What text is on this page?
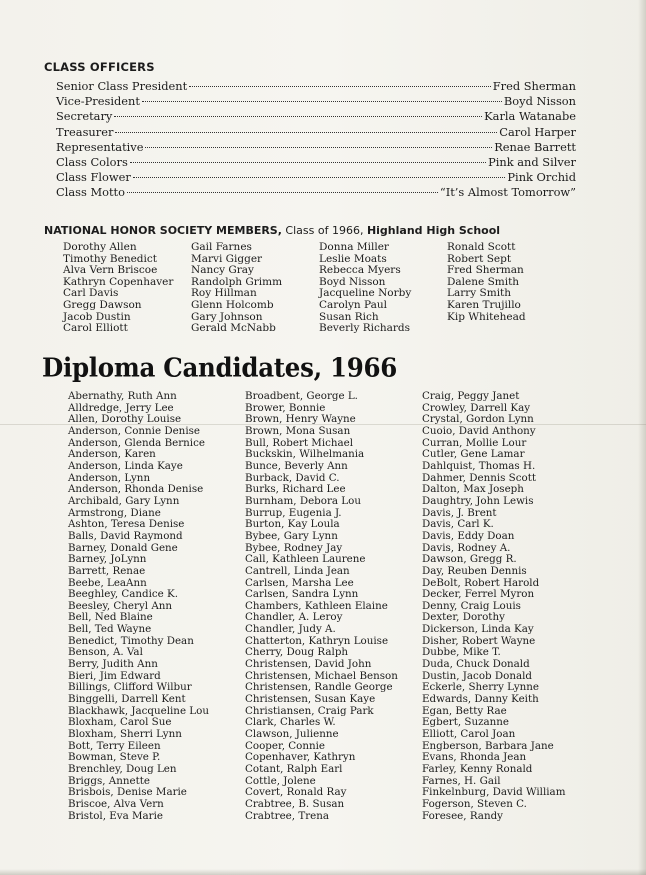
CLASS OFFICERS
Senior Class President	Fred Sherman
Vice-President	Boyd Nisson
Secretary	Karla Watanabe
Treasurer	Carol Harper
Representative	Renae Barrett
Class Colors	Pink and Silver
Class Flower	Pink Orchid
Class Motto	“It’s Almost Tomorrow”
NATIONAL HONOR SOCIETY MEMBERS, Class of 1966, Highland High School
Dorothy Allen
Timothy Benedict
Alva Vern Briscoe
Kathryn Copenhaver
Carl Davis
Gregg Dawson
Jacob Dustin
Carol Elliott
Gail Farnes
Marvi Gigger
Nancy Gray
Randolph Grimm
Roy Hillman
Glenn Holcomb
Gary Johnson
Gerald McNabb
Donna Miller
Leslie Moats
Rebecca Myers
Boyd Nisson
Jacqueline Norby
Carolyn Paul
Susan Rich
Beverly Richards
Ronald Scott
Robert Sept
Fred Sherman
Dalene Smith
Larry Smith
Karen Trujillo
Kip Whitehead
Diploma Candidates, 1966
Abernathy, Ruth Ann
Alldredge, Jerry Lee
Allen, Dorothy Louise
Anderson, Connie Denise
Anderson, Glenda Bernice
Anderson, Karen
Anderson, Linda Kaye
Anderson, Lynn
Anderson, Rhonda Denise
Archibald, Gary Lynn
Armstrong, Diane
Ashton, Teresa Denise
Balls, David Raymond
Barney, Donald Gene
Barney, JoLynn
Barrett, Renae
Beebe, LeaAnn
Beeghley, Candice K.
Beesley, Cheryl Ann
Bell, Ned Blaine
Bell, Ted Wayne
Benedict, Timothy Dean
Benson, A. Val
Berry, Judith Ann
Bieri, Jim Edward
Billings, Clifford Wilbur
Binggelli, Darrell Kent
Blackhawk, Jacqueline Lou
Bloxham, Carol Sue
Bloxham, Sherri Lynn
Bott, Terry Eileen
Bowman, Steve P.
Brenchley, Doug Len
Briggs, Annette
Brisbois, Denise Marie
Briscoe, Alva Vern
Bristol, Eva Marie
Broadbent, George L.
Brower, Bonnie
Brown, Henry Wayne
Brown, Mona Susan
Bull, Robert Michael
Buckskin, Wilhelmania
Bunce, Beverly Ann
Burback, David C.
Burks, Richard Lee
Burnham, Debora Lou
Burrup, Eugenia J.
Burton, Kay Loula
Bybee, Gary Lynn
Bybee, Rodney Jay
Call, Kathleen Laurene
Cantrell, Linda Jean
Carlsen, Marsha Lee
Carlsen, Sandra Lynn
Chambers, Kathleen Elaine
Chandler, A. Leroy
Chandler, Judy A.
Chatterton, Kathryn Louise
Cherry, Doug Ralph
Christensen, David John
Christensen, Michael Benson
Christensen, Randle George
Christensen, Susan Kaye
Christiansen, Craig Park
Clark, Charles W.
Clawson, Julienne
Cooper, Connie
Copenhaver, Kathryn
Cotant, Ralph Earl
Cottle, Jolene
Covert, Ronald Ray
Crabtree, B. Susan
Crabtree, Trena
Craig, Peggy Janet
Crowley, Darrell Kay
Crystal, Gordon Lynn
Cuoio, David Anthony
Curran, Mollie Lour
Cutler, Gene Lamar
Dahlquist, Thomas H.
Dahmer, Dennis Scott
Dalton, Max Joseph
Daughtry, John Lewis
Davis, J. Brent
Davis, Carl K.
Davis, Eddy Doan
Davis, Rodney A.
Dawson, Gregg R.
Day, Reuben Dennis
DeBolt, Robert Harold
Decker, Ferrel Myron
Denny, Craig Louis
Dexter, Dorothy
Dickerson, Linda Kay
Disher, Robert Wayne
Dubbe, Mike T.
Duda, Chuck Donald
Dustin, Jacob Donald
Eckerle, Sherry Lynne
Edwards, Danny Keith
Egan, Betty Rae
Egbert, Suzanne
Elliott, Carol Joan
Engberson, Barbara Jane
Evans, Rhonda Jean
Farley, Kenny Ronald
Farnes, H. Gail
Finkelnburg, David William
Fogerson, Steven C.
Foresee, Randy
